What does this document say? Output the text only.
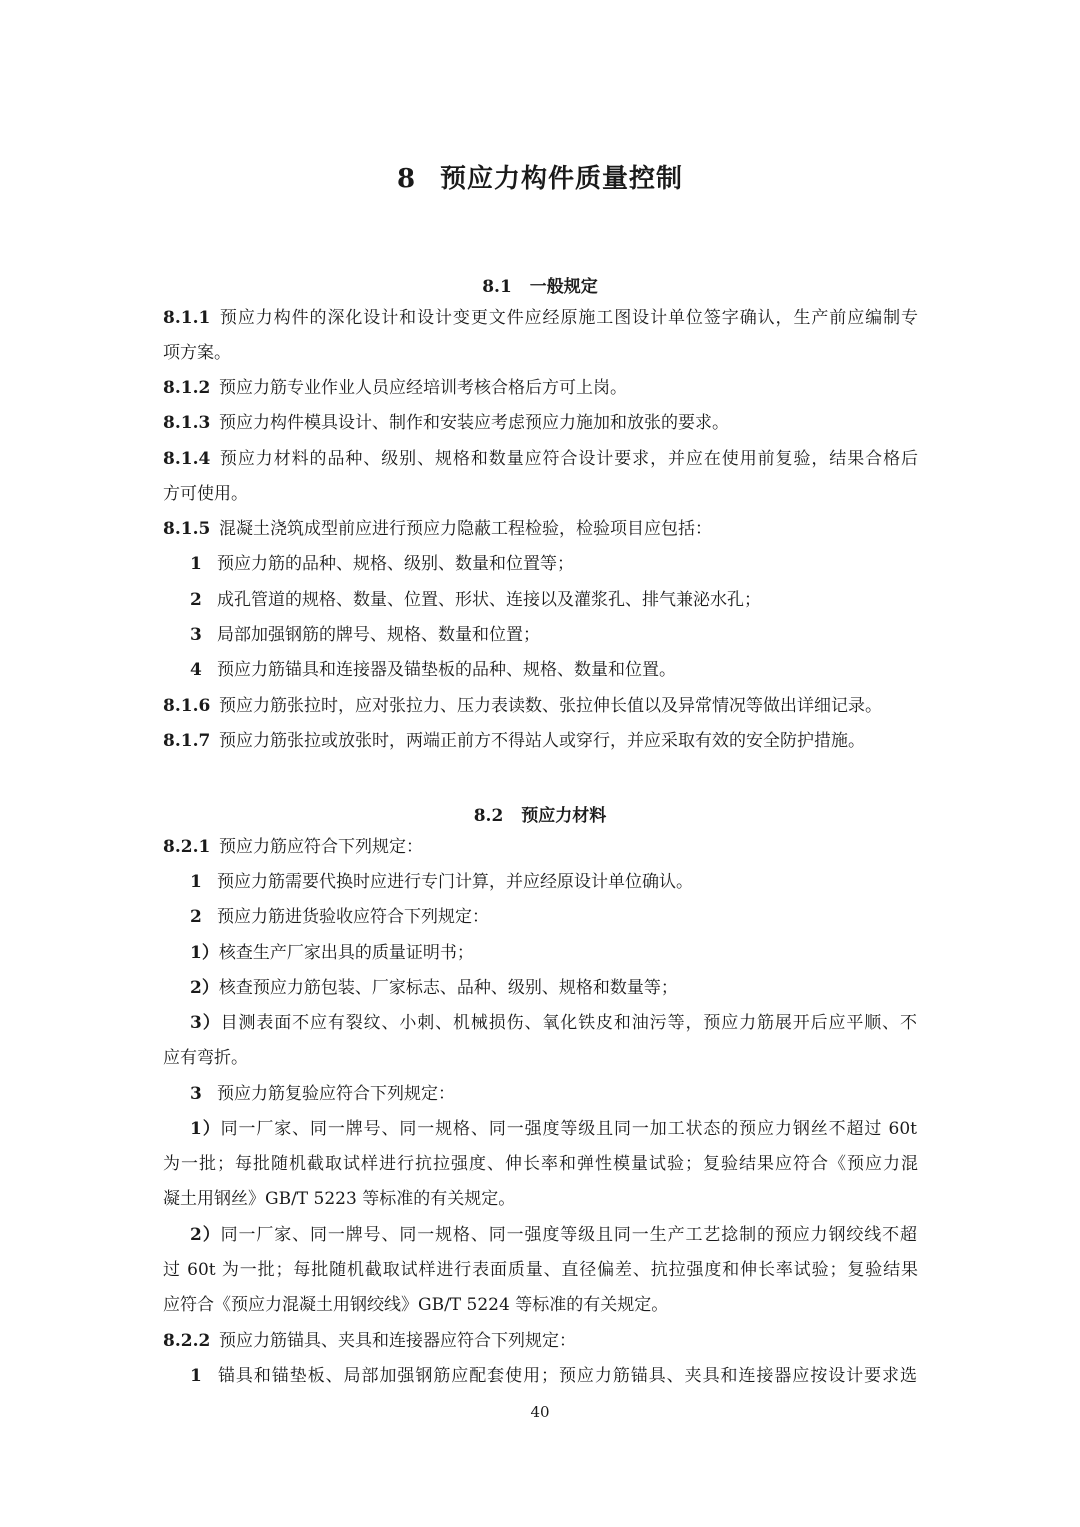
8 预应力构件质量控制
8.1 一般规定
8.1.1 预应力构件的深化设计和设计变更文件应经原施工图设计单位签字确认，生产前应编制专
项方案。
8.1.2 预应力筋专业作业人员应经培训考核合格后方可上岗。
8.1.3 预应力构件模具设计、制作和安装应考虑预应力施加和放张的要求。
8.1.4 预应力材料的品种、级别、规格和数量应符合设计要求，并应在使用前复验，结果合格后
方可使用。
8.1.5 混凝土浇筑成型前应进行预应力隐蔽工程检验，检验项目应包括：
1 预应力筋的品种、规格、级别、数量和位置等；
2 成孔管道的规格、数量、位置、形状、连接以及灌浆孔、排气兼泌水孔；
3 局部加强钢筋的牌号、规格、数量和位置；
4 预应力筋锚具和连接器及锚垫板的品种、规格、数量和位置。
8.1.6 预应力筋张拉时，应对张拉力、压力表读数、张拉伸长值以及异常情况等做出详细记录。
8.1.7 预应力筋张拉或放张时，两端正前方不得站人或穿行，并应采取有效的安全防护措施。
8.2 预应力材料
8.2.1 预应力筋应符合下列规定：
1 预应力筋需要代换时应进行专门计算，并应经原设计单位确认。
2 预应力筋进货验收应符合下列规定：
1）核查生产厂家出具的质量证明书；
2）核查预应力筋包装、厂家标志、品种、级别、规格和数量等；
3）目测表面不应有裂纹、小刺、机械损伤、氧化铁皮和油污等，预应力筋展开后应平顺、不
应有弯折。
3 预应力筋复验应符合下列规定：
1）同一厂家、同一牌号、同一规格、同一强度等级且同一加工状态的预应力钢丝不超过 60t
为一批；每批随机截取试样进行抗拉强度、伸长率和弹性模量试验；复验结果应符合《预应力混
凝土用钢丝》GB/T 5223 等标准的有关规定。
2）同一厂家、同一牌号、同一规格、同一强度等级且同一生产工艺捻制的预应力钢绞线不超
过 60t 为一批；每批随机截取试样进行表面质量、直径偏差、抗拉强度和伸长率试验；复验结果
应符合《预应力混凝土用钢绞线》GB/T 5224 等标准的有关规定。
8.2.2 预应力筋锚具、夹具和连接器应符合下列规定：
1 锚具和锚垫板、局部加强钢筋应配套使用；预应力筋锚具、夹具和连接器应按设计要求选
40
